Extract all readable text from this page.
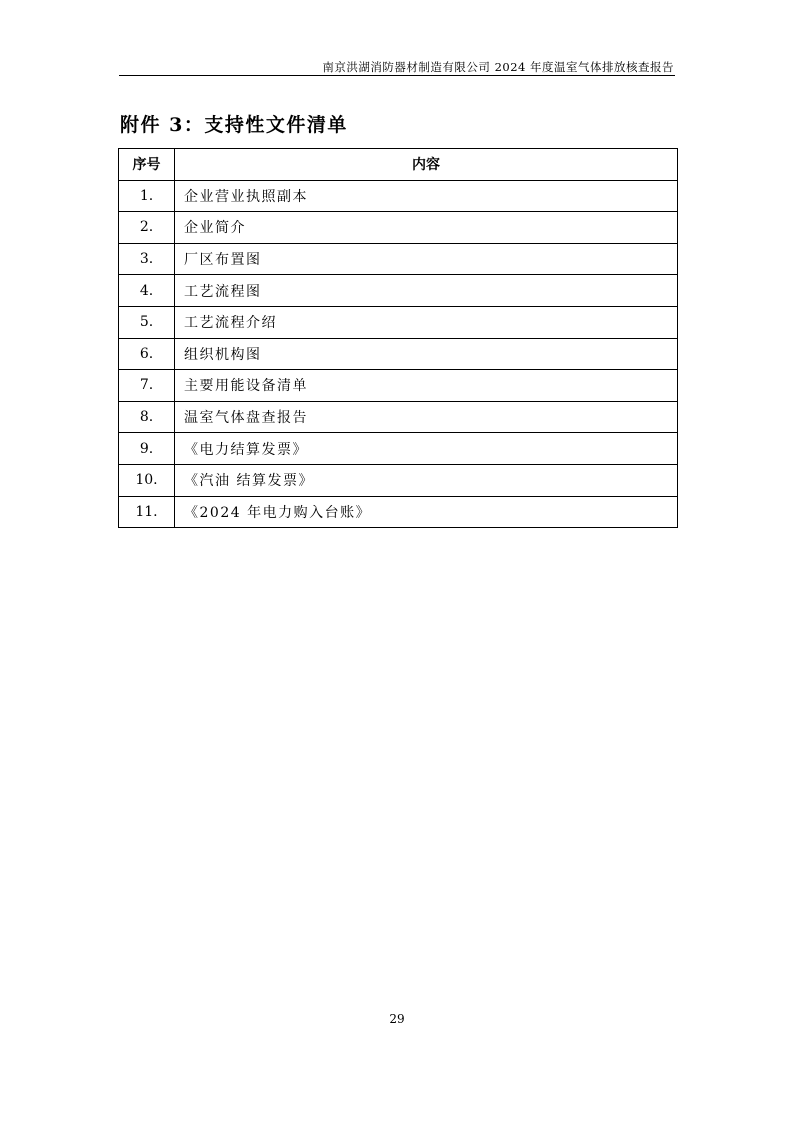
南京洪湖消防器材制造有限公司 2024 年度温室气体排放核查报告
附件 3：支持性文件清单
序号	内容
1.	企业营业执照副本
2.	企业简介
3.	厂区布置图
4.	工艺流程图
5.	工艺流程介绍
6.	组织机构图
7.	主要用能设备清单
8.	温室气体盘查报告
9.	《电力结算发票》
10.	《汽油 结算发票》
11.	《2024 年电力购入台账》
29
